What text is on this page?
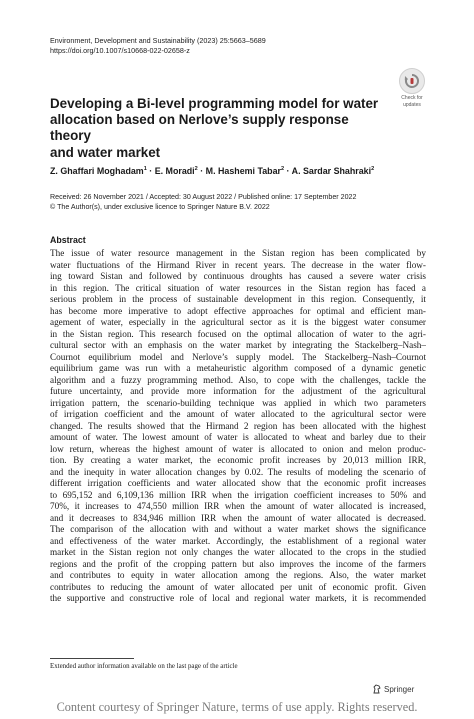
Environment, Development and Sustainability (2023) 25:5663–5689
https://doi.org/10.1007/s10668-022-02658-z
Check for
updates
Developing a Bi-level programming model for water
allocation based on Nerlove’s supply response theory
and water market
Z. Ghaffari Moghadam$^1$ · E. Moradi$^2$ · M. Hashemi Tabar$^2$ · A. Sardar Shahraki$^2$
Received: 26 November 2021 / Accepted: 30 August 2022 / Published online: 17 September 2022
© The Author(s), under exclusive licence to Springer Nature B.V. 2022
Abstract
The issue of water resource management in the Sistan region has been complicated by
water fluctuations of the Hirmand River in recent years. The decrease in the water flow-
ing toward Sistan and followed by continuous droughts has caused a severe water crisis
in this region. The critical situation of water resources in the Sistan region has faced a
serious problem in the process of sustainable development in this region. Consequently, it
has become more imperative to adopt effective approaches for optimal and efficient man-
agement of water, especially in the agricultural sector as it is the biggest water consumer
in the Sistan region. This research focused on the optimal allocation of water to the agri-
cultural sector with an emphasis on the water market by integrating the Stackelberg–Nash–
Cournot equilibrium model and Nerlove’s supply model. The Stackelberg–Nash–Cournot
equilibrium game was run with a metaheuristic algorithm composed of a dynamic genetic
algorithm and a fuzzy programming method. Also, to cope with the challenges, tackle the
future uncertainty, and provide more information for the adjustment of the agricultural
irrigation pattern, the scenario-building technique was applied in which two parameters
of irrigation coefficient and the amount of water allocated to the agricultural sector were
changed. The results showed that the Hirmand 2 region has been allocated with the highest
amount of water. The lowest amount of water is allocated to wheat and barley due to their
low return, whereas the highest amount of water is allocated to onion and melon produc-
tion. By creating a water market, the economic profit increases by 20,013 million IRR,
and the inequity in water allocation changes by 0.02. The results of modeling the scenario of
different irrigation coefficients and water allocated show that the economic profit increases
to 695,152 and 6,109,136 million IRR when the irrigation coefficient increases to 50% and
70%, it increases to 474,550 million IRR when the amount of water allocated is increased,
and it decreases to 834,946 million IRR when the amount of water allocated is decreased.
The comparison of the allocation with and without a water market shows the significance
and effectiveness of the water market. Accordingly, the establishment of a regional water
market in the Sistan region not only changes the water allocated to the crops in the studied
regions and the profit of the cropping pattern but also improves the income of the farmers
and contributes to equity in water allocation among the regions. Also, the water market
contributes to reducing the amount of water allocated per unit of economic profit. Given
the supportive and constructive role of local and regional water markets, it is recommended
Extended author information available on the last page of the article
Springer
Content courtesy of Springer Nature, terms of use apply. Rights reserved.
